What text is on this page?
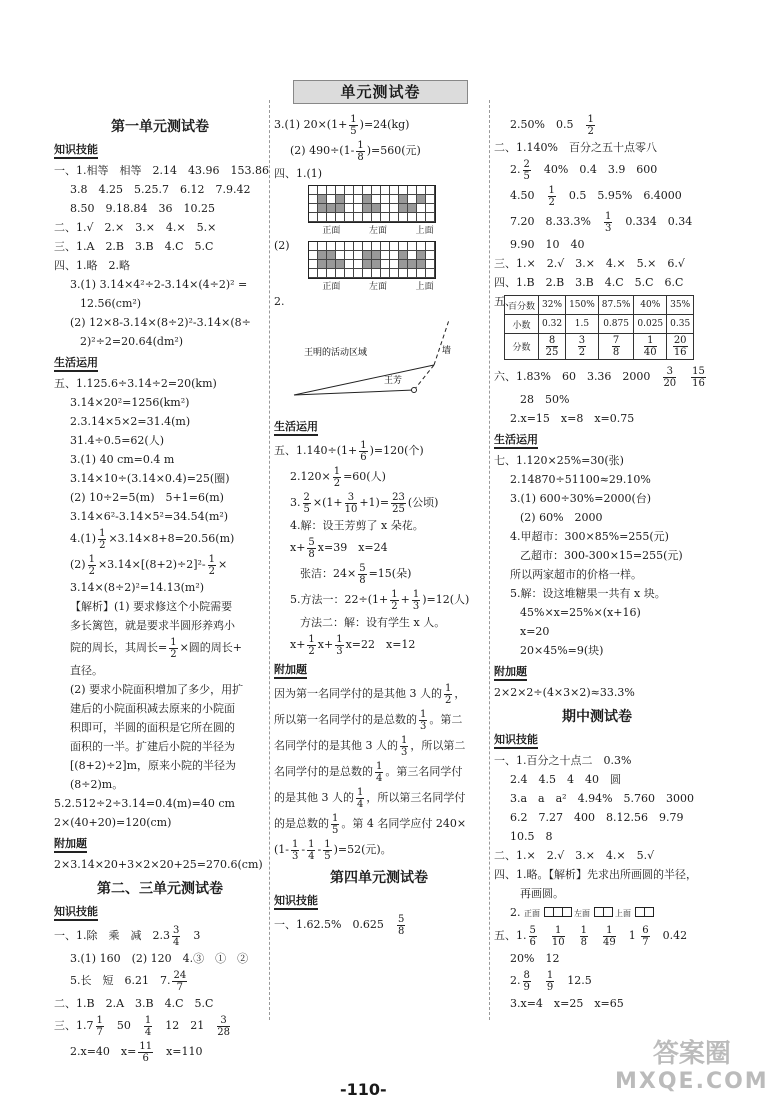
单元测试卷
第一单元测试卷
知识技能

一、1.相等　相等　2.14　43.96　153.86

3.8　4.25　5.25.7　6.12　7.9.42

8.50　9.18.84　36　10.25

二、1.√　2.×　3.×　4.×　5.×

三、1.A　2.B　3.B　4.C　5.C

四、1.略　2.略

3.(1) 3.14×4²÷2-3.14×(4÷2)² =

12.56(cm²)

(2) 12×8-3.14×(8÷2)²-3.14×(8÷

2)²÷2=20.64(dm²)

生活运用

五、1.125.6÷3.14÷2=20(km)

3.14×20²=1256(km²)

2.3.14×5×2=31.4(m)

31.4÷0.5=62(人)

3.(1) 40 cm=0.4 m

3.14×10÷(3.14×0.4)=25(圈)

(2) 10÷2=5(m)　5+1=6(m)

3.14×6²-3.14×5²=34.54(m²)

$4.(1) \frac{1}{2} \times 3.14\times 8+8=20.56(m)$

$(2) \frac{1}{2} \times 3.14\times[(8+2)\div 2]^2- \frac{1}{2}$ ×

3.14×(8÷2)²=14.13(m²)

【解析】(1) 要求修这个小院需要

多长篱笆，就是要求半圆形养鸡小

院的周长，其周长= $\frac{1}{2}$ ×圆的周长+

直径。

(2) 要求小院面积增加了多少，用扩

建后的小院面积减去原来的小院面

积即可，半圆的面积是它所在圆的

面积的一半。扩建后小院的半径为

[(8+2)÷2]m，原来小院的半径为

(8÷2)m。

5.2.512÷2÷3.14=0.4(m)=40 cm

2×(40+20)=120(cm)

附加题

2×3.14×20+3×2×20+25=270.6(cm)

第二、三单元测试卷
知识技能

一、1.除　乘　减　$2.3 \frac{3}{4}$
　 3

3.(1) 160　(2) 120　4.③　①　②

5.长　短　6.21　7. $\frac{24}{7}$

二、1.B　2.A　3.B　4.C　5.C

三、$1.7 \frac{1}{7}$
　 50　 $\frac{1}{4}$
　 12　21　 $\frac{3}{28}$

2.x=40　$x= \frac{11}{6}$
　 x=110

3.(1) $20\times(1+ \frac{1}{5} )=24(kg)$

(2) $490\div(1- \frac{1}{8} )=560$(元)

四、1.(1)

正面	左面	上面

(2)

正面	左面	上面

2.

王明的活动区域
王芳
墙
生活运用

五、$1.140\div(1+ \frac{1}{6} )=120$(个)

$2.120\times \frac{1}{2} =60$(人)

3. $\frac{2}{5} \times(1+ \frac{3}{10} +1)= \frac{23}{25}$ (公顷)

4.解：设王芳剪了 x 朵花。

$x+ \frac{5}{8} x=39$　x=24

张洁：$24\times \frac{5}{8} =15$(朵)

5.方法一：$22\div(1+ \frac{1}{2} + \frac{1}{3} )=12$(人)

方法二：解：设有学生 x 人。

$x+ \frac{1}{2} x+ \frac{1}{3} x=22$　x=12

附加题

因为第一名同学付的是其他 3 人的 $\frac{1}{2}$ ，

所以第一名同学付的是总数的 $\frac{1}{3}$ 。第二

名同学付的是其他 3 人的 $\frac{1}{3}$ ，所以第二

名同学付的是总数的 $\frac{1}{4}$ 。第三名同学付

的是其他 3 人的 $\frac{1}{4}$ ，所以第三名同学付

的是总数的 $\frac{1}{5}$ 。第 4 名同学应付 240×

$(1- \frac{1}{3} - \frac{1}{4} - \frac{1}{5} )=52$(元)。

第四单元测试卷
知识技能

一、1.62.5%　0.625　 $\frac{5}{8}$

2.50%　0.5　 $\frac{1}{2}$

二、1.140%　百分之五十点零八

2. $\frac{2}{5}$
　 40%　0.4　3.9　600

4.50　 $\frac{1}{2}$
　 0.5　5.95%　6.4000

7.20　8.33.3%　 $\frac{1}{3}$
　 0.334　0.34

9.90　10　40

三、1.×　2.√　3.×　4.×　5.×　6.√

四、1.B　2.B　3.B　4.C　5.C　6.C

五、

百分数	32%	150%	87.5%	40%	35%
小数	0.32	1.5	0.875	0.025	0.35
分数	$\frac{8}{25}$	$\frac{3}{2}$	$\frac{7}{8}$	$\frac{1}{40}$	$\frac{20}{16}$

六、1.83%　60　3.36　2000　 $\frac{3}{20}$
　 $\frac{15}{16}$

28　50%

2.x=15　x=8　x=0.75

生活运用

七、1.120×25%=30(张)

2.14870÷51100≈29.10%

3.(1) 600÷30%=2000(台)

(2) 60%　2000

4.甲超市：300×85%=255(元)

乙超市：300-300×15=255(元)

所以两家超市的价格一样。

5.解：设这堆糖果一共有 x 块。

45%×x=25%×(x+16)

x=20

20×45%=9(块)

附加题

2×2×2÷(4×3×2)≈33.3%

期中测试卷
知识技能

一、1.百分之十点二　0.3%

2.4　4.5　4　40　圆

3.a　a　a²　4.94%　5.760　3000

6.2　7.27　400　8.12.56　9.79

10.5　8

二、1.×　2.√　3.×　4.×　5.√

四、1.略。【解析】先求出所画圆的半径，

再画圆。

2. 正面	左面	上面

五、1. $\frac{5}{6}$
　 $\frac{1}{10}$
　 $\frac{1}{8}$
　 $\frac{1}{49}$ 　$1 \frac{6}{7}$
　 0.42

20%　12

2. $\frac{8}{9}$
　 $\frac{1}{9}$
　 12.5

3.x=4　x=25　x=65

-110-
答案圈
MXQE.COM
